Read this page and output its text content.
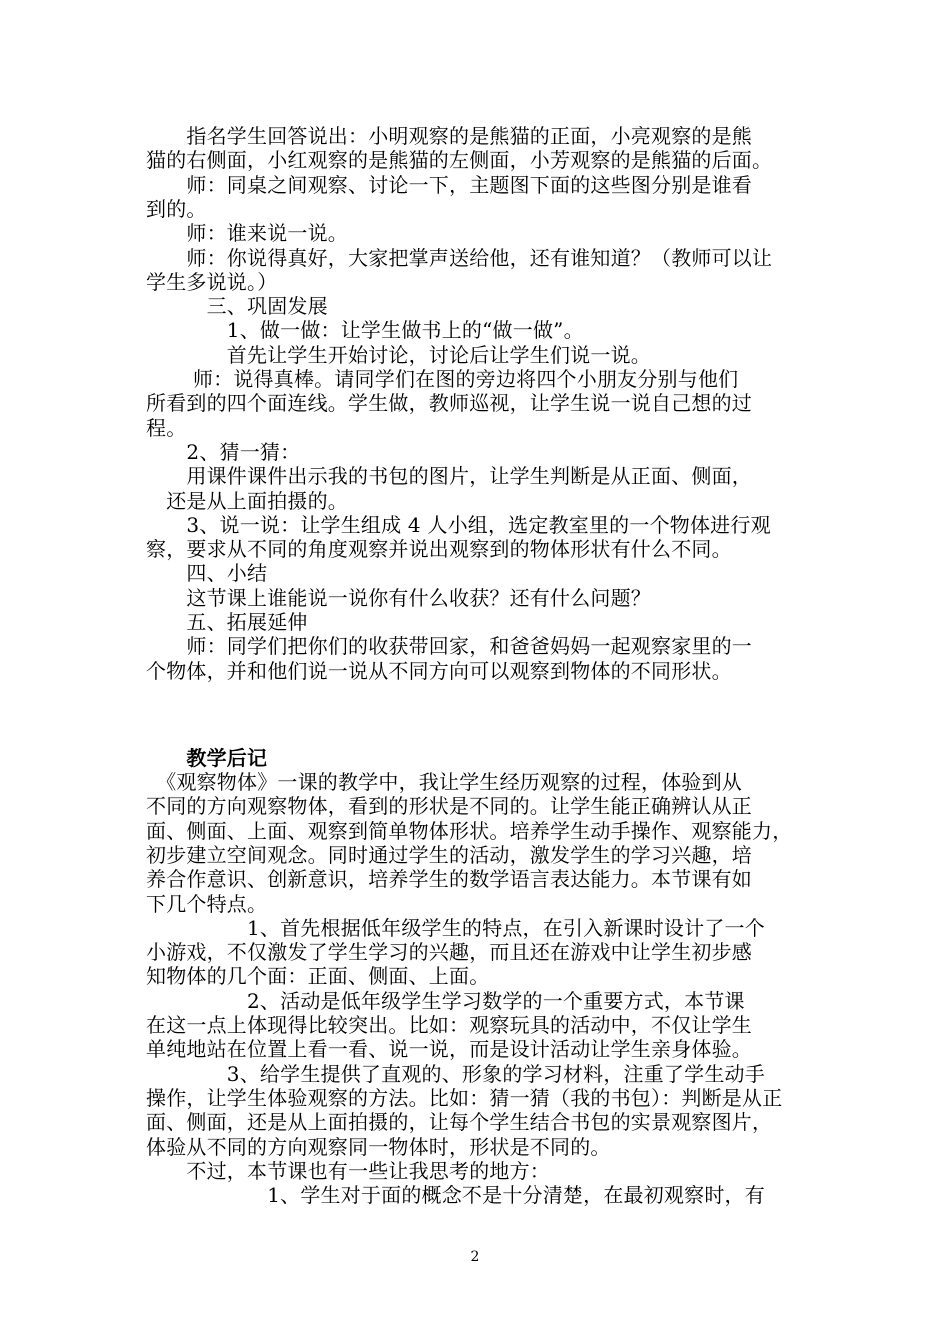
　　指名学生回答说出：小明观察的是熊猫的正面，小亮观察的是熊
猫的右侧面，小红观察的是熊猫的左侧面，小芳观察的是熊猫的后面。
　　师：同桌之间观察、讨论一下，主题图下面的这些图分别是谁看
到的。
　　师：谁来说一说。
　　师：你说得真好，大家把掌声送给他，还有谁知道？（教师可以让
学生多说说。）
　　　三、巩固发展
　　　　1、做一做：让学生做书上的“做一做”。
　　　　首先让学生开始讨论，讨论后让学生们说一说。
　　 师：说得真棒。请同学们在图的旁边将四个小朋友分别与他们
所看到的四个面连线。学生做，教师巡视，让学生说一说自己想的过
程。
　　2、猜一猜：
　　用课件课件出示我的书包的图片，让学生判断是从正面、侧面，
　还是从上面拍摄的。
　　3、说一说：让学生组成 4 人小组，选定教室里的一个物体进行观
察，要求从不同的角度观察并说出观察到的物体形状有什么不同。
　　四、小结
　　这节课上谁能说一说你有什么收获？还有什么问题？
　　五、拓展延伸
　　师：同学们把你们的收获带回家，和爸爸妈妈一起观察家里的一
个物体，并和他们说一说从不同方向可以观察到物体的不同形状。
　　教学后记
　《观察物体》一课的教学中，我让学生经历观察的过程，体验到从
不同的方向观察物体，看到的形状是不同的。让学生能正确辨认从正
面、侧面、上面、观察到简单物体形状。培养学生动手操作、观察能力，
初步建立空间观念。同时通过学生的活动，激发学生的学习兴趣，培
养合作意识、创新意识，培养学生的数学语言表达能力。本节课有如
下几个特点。
　　　　　1、首先根据低年级学生的特点，在引入新课时设计了一个
小游戏，不仅激发了学生学习的兴趣，而且还在游戏中让学生初步感
知物体的几个面：正面、侧面、上面。
　　　　　2、活动是低年级学生学习数学的一个重要方式，本节课
在这一点上体现得比较突出。比如：观察玩具的活动中，不仅让学生
单纯地站在位置上看一看、说一说，而是设计活动让学生亲身体验。
　　　　3、给学生提供了直观的、形象的学习材料，注重了学生动手
操作，让学生体验观察的方法。比如：猜一猜（我的书包）：判断是从正
面、侧面，还是从上面拍摄的，让每个学生结合书包的实景观察图片，
体验从不同的方向观察同一物体时，形状是不同的。
　　不过，本节课也有一些让我思考的地方：
　　　　　　1、学生对于面的概念不是十分清楚，在最初观察时，有
2
